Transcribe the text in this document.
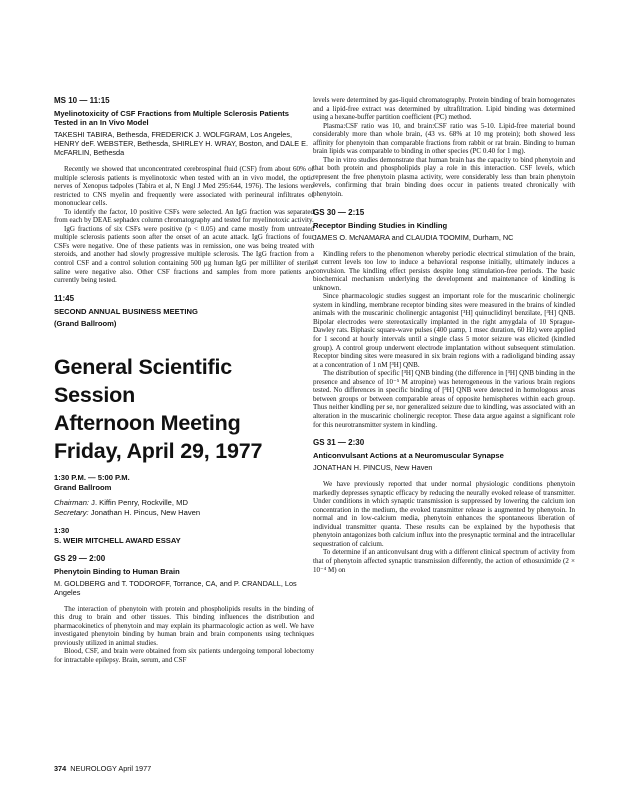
MS 10 — 11:15

Myelinotoxicity of CSF Fractions from Multiple Sclerosis Patients Tested in an In Vivo Model

TAKESHI TABIRA, Bethesda, FREDERICK J. WOLFGRAM, Los Angeles, HENRY deF. WEBSTER, Bethesda, SHIRLEY H. WRAY, Boston, and DALE E. McFARLIN, Bethesda

Recently we showed that unconcentrated cerebrospinal fluid (CSF) from about 60% of multiple sclerosis patients is myelinotoxic when tested with an in vivo model, the optic nerves of Xenopus tadpoles (Tabira et al, N Engl J Med 295:644, 1976). The lesions were restricted to CNS myelin and frequently were associated with perineural infiltrates of mononuclear cells.

To identify the factor, 10 positive CSFs were selected. An IgG fraction was separated from each by DEAE sephadex column chromatography and tested for myelinotoxic activity.

IgG fractions of six CSFs were positive (p < 0.05) and came mostly from untreated multiple sclerosis patients soon after the onset of an acute attack. IgG fractions of four CSFs were negative. One of these patients was in remission, one was being treated with steroids, and another had slowly progressive multiple sclerosis. The IgG fraction from a control CSF and a control solution containing 500 µg human IgG per milliliter of sterile saline were negative also. Other CSF fractions and samples from more patients are currently being tested.

11:45

SECOND ANNUAL BUSINESS MEETING

(Grand Ballroom)

General Scientific Session

Afternoon Meeting

Friday, April 29, 1977

1:30 P.M. — 5:00 P.M.

Grand Ballroom

Chairman: J. Kiffin Penry, Rockville, MD

Secretary: Jonathan H. Pincus, New Haven

1:30

S. WEIR MITCHELL AWARD ESSAY

GS 29 — 2:00

Phenytoin Binding to Human Brain

M. GOLDBERG and T. TODOROFF, Torrance, CA, and P. CRANDALL, Los Angeles

The interaction of phenytoin with protein and phospholipids results in the binding of this drug to brain and other tissues. This binding influences the distribution and pharmacokinetics of phenytoin and may explain its pharmacologic action as well. We have investigated phenytoin binding by human brain and brain components using techniques previously utilized in animal studies.

Blood, CSF, and brain were obtained from six patients undergoing temporal lobectomy for intractable epilepsy. Brain, serum, and CSF

levels were determined by gas-liquid chromatography. Protein binding of brain homogenates and a lipid-free extract was determined by ultrafiltration. Lipid binding was determined using a hexane-buffer partition coefficient (PC) method.

Plasma:CSF ratio was 10, and brain:CSF ratio was 5-10. Lipid-free material bound considerably more than whole brain, (43 vs. 68% at 10 mg protein); both showed less affinity for phenytoin than comparable fractions from rabbit or rat brain. Binding to human brain lipids was comparable to binding in other species (PC 0.40 for 1 mg).

The in vitro studies demonstrate that human brain has the capacity to bind phenytoin and that both protein and phospholipids play a role in this interaction. CSF levels, which represent the free phenytoin plasma activity, were considerably less than brain phenytoin levels, confirming that brain binding does occur in patients treated chronically with phenytoin.

GS 30 — 2:15

Receptor Binding Studies in Kindling

JAMES O. McNAMARA and CLAUDIA TOOMIM, Durham, NC

Kindling refers to the phenomenon whereby periodic electrical stimulation of the brain, at current levels too low to induce a behavioral response initially, ultimately induces a convulsion. The kindling effect persists despite long stimulation-free periods. The basic biochemical mechanism underlying the development and maintenance of kindling is unknown.

Since pharmacologic studies suggest an important role for the muscarinic cholinergic system in kindling, membrane receptor binding sites were measured in the brains of kindled animals with the muscarinic cholinergic antagonist [³H] quinuclidinyl benzilate, [³H] QNB. Bipolar electrodes were stereotaxically implanted in the right amygdala of 10 Sprague-Dawley rats. Biphasic square-wave pulses (400 µamp, 1 msec duration, 60 Hz) were applied for 1 second at hourly intervals until a single class 5 motor seizure was elicited (kindled group). A control group underwent electrode implantation without subsequent stimulation. Receptor binding sites were measured in six brain regions with a radioligand binding assay at a concentration of 1 nM [³H] QNB.

The distribution of specific [³H] QNB binding (the difference in [³H] QNB binding in the presence and absence of 10⁻⁵ M atropine) was heterogeneous in the various brain regions tested. No differences in specific binding of [³H] QNB were detected in homologous areas between groups or between comparable areas of opposite hemispheres within each group. Thus neither kindling per se, nor generalized seizure due to kindling, was associated with an alteration in the muscarinic cholinergic receptor. These data argue against a significant role for this neurotransmitter system in kindling.

GS 31 — 2:30

Anticonvulsant Actions at a Neuromuscular Synapse

JONATHAN H. PINCUS, New Haven

We have previously reported that under normal physiologic conditions phenytoin markedly depresses synaptic efficacy by reducing the neurally evoked release of transmitter. Under conditions in which synaptic transmission is suppressed by lowering the calcium ion concentration in the medium, the evoked transmitter release is augmented by phenytoin. In normal and in low-calcium media, phenytoin enhances the spontaneous liberation of individual transmitter quanta. These results can be explained by the hypothesis that phenytoin antagonizes both calcium influx into the presynaptic terminal and the intracellular sequestration of calcium.

To determine if an anticonvulsant drug with a different clinical spectrum of activity from that of phenytoin affected synaptic transmission differently, the action of ethosuximide (2 × 10⁻⁴ M) on

374 NEUROLOGY April 1977
